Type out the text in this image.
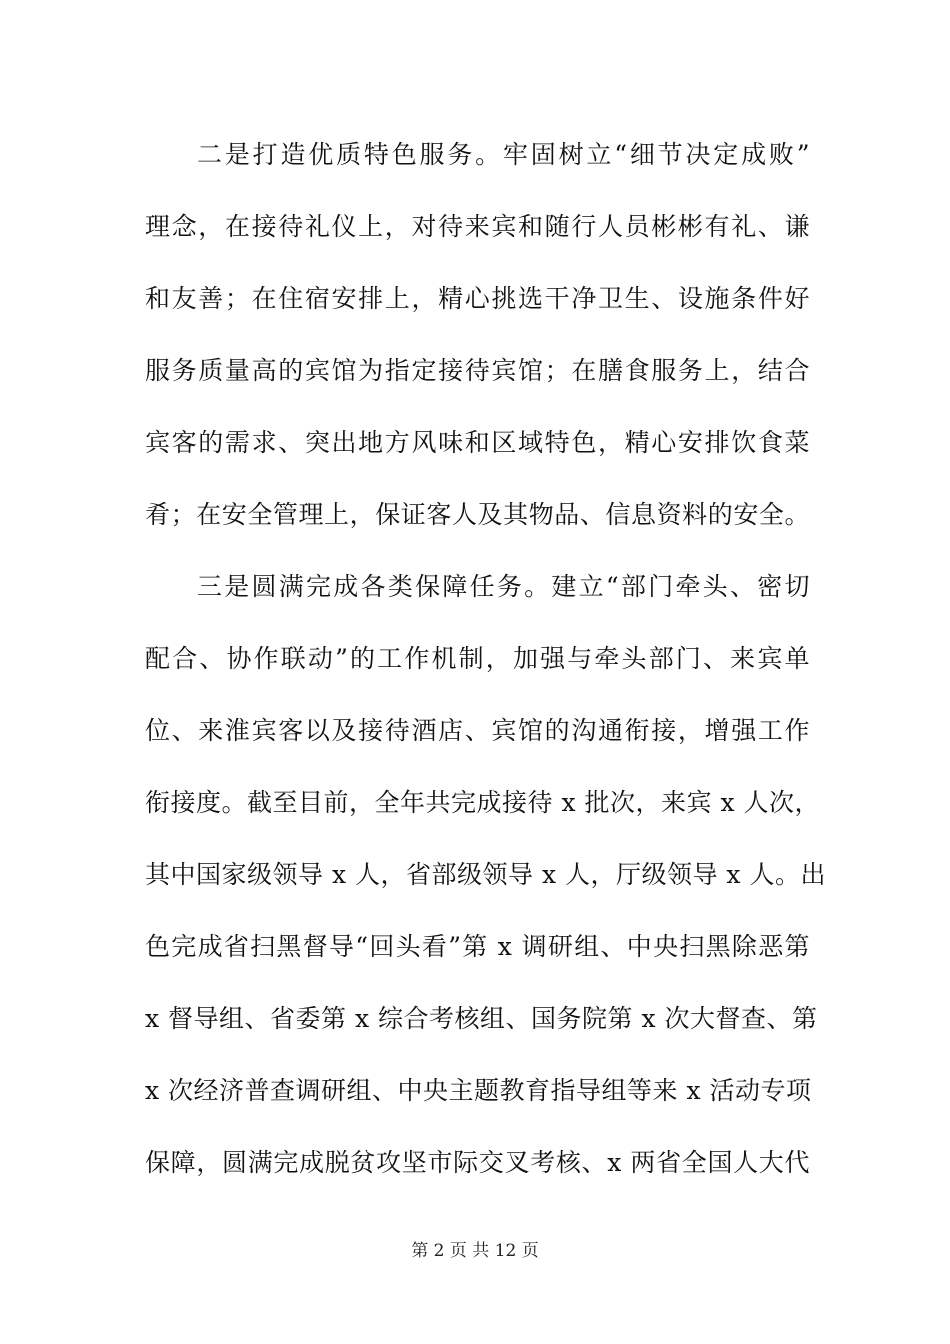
二是打造优质特色服务。牢固树立“细节决定成败”
理念，在接待礼仪上，对待来宾和随行人员彬彬有礼、谦
和友善；在住宿安排上，精心挑选干净卫生、设施条件好
服务质量高的宾馆为指定接待宾馆；在膳食服务上，结合
宾客的需求、突出地方风味和区域特色，精心安排饮食菜
肴；在安全管理上，保证客人及其物品、信息资料的安全。
三是圆满完成各类保障任务。建立“部门牵头、密切
配合、协作联动”的工作机制，加强与牵头部门、来宾单
位、来淮宾客以及接待酒店、宾馆的沟通衔接，增强工作
衔接度。截至目前，全年共完成接待 x 批次，来宾 x 人次，
其中国家级领导 x 人，省部级领导 x 人，厅级领导 x 人。出
色完成省扫黑督导“回头看”第 x 调研组、中央扫黑除恶第
x 督导组、省委第 x 综合考核组、国务院第 x 次大督查、第
x 次经济普查调研组、中央主题教育指导组等来 x 活动专项
保障，圆满完成脱贫攻坚市际交叉考核、x 两省全国人大代
第 2 页 共 12 页
